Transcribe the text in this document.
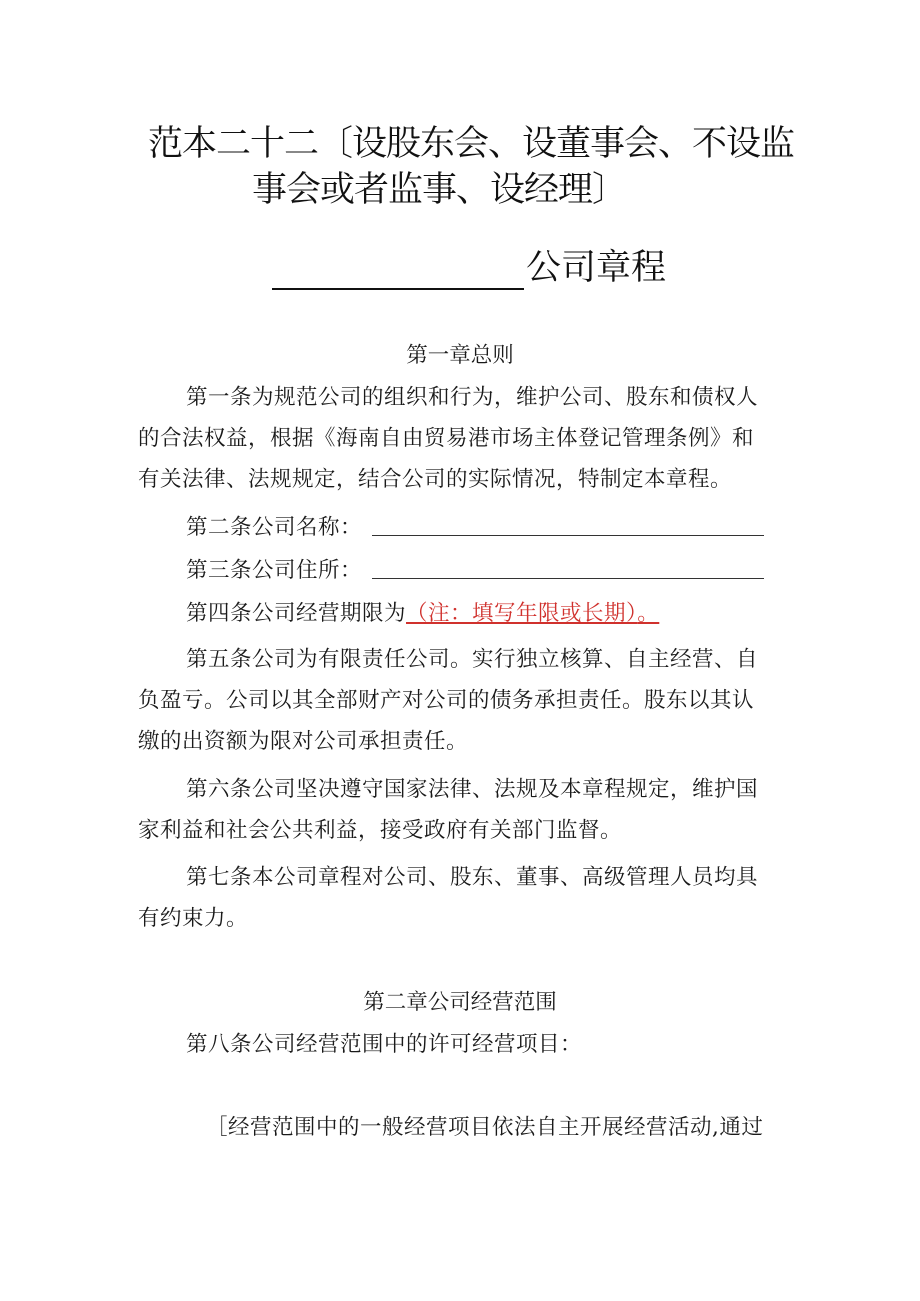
范本二十二〔设股东会、设董事会、不设监
事会或者监事、设经理〕
公司章程
第一章总则
第一条为规范公司的组织和行为，维护公司、股东和债权人
的合法权益，根据《海南自由贸易港市场主体登记管理条例》和
有关法律、法规规定，结合公司的实际情况，特制定本章程。
第二条公司名称：
第三条公司住所：
第四条公司经营期限为（注：填写年限或长期）。
第五条公司为有限责任公司。实行独立核算、自主经营、自
负盈亏。公司以其全部财产对公司的债务承担责任。股东以其认
缴的出资额为限对公司承担责任。
第六条公司坚决遵守国家法律、法规及本章程规定，维护国
家利益和社会公共利益，接受政府有关部门监督。
第七条本公司章程对公司、股东、董事、高级管理人员均具
有约束力。
第二章公司经营范围
第八条公司经营范围中的许可经营项目：
［经营范围中的一般经营项目依法自主开展经营活动,通过
